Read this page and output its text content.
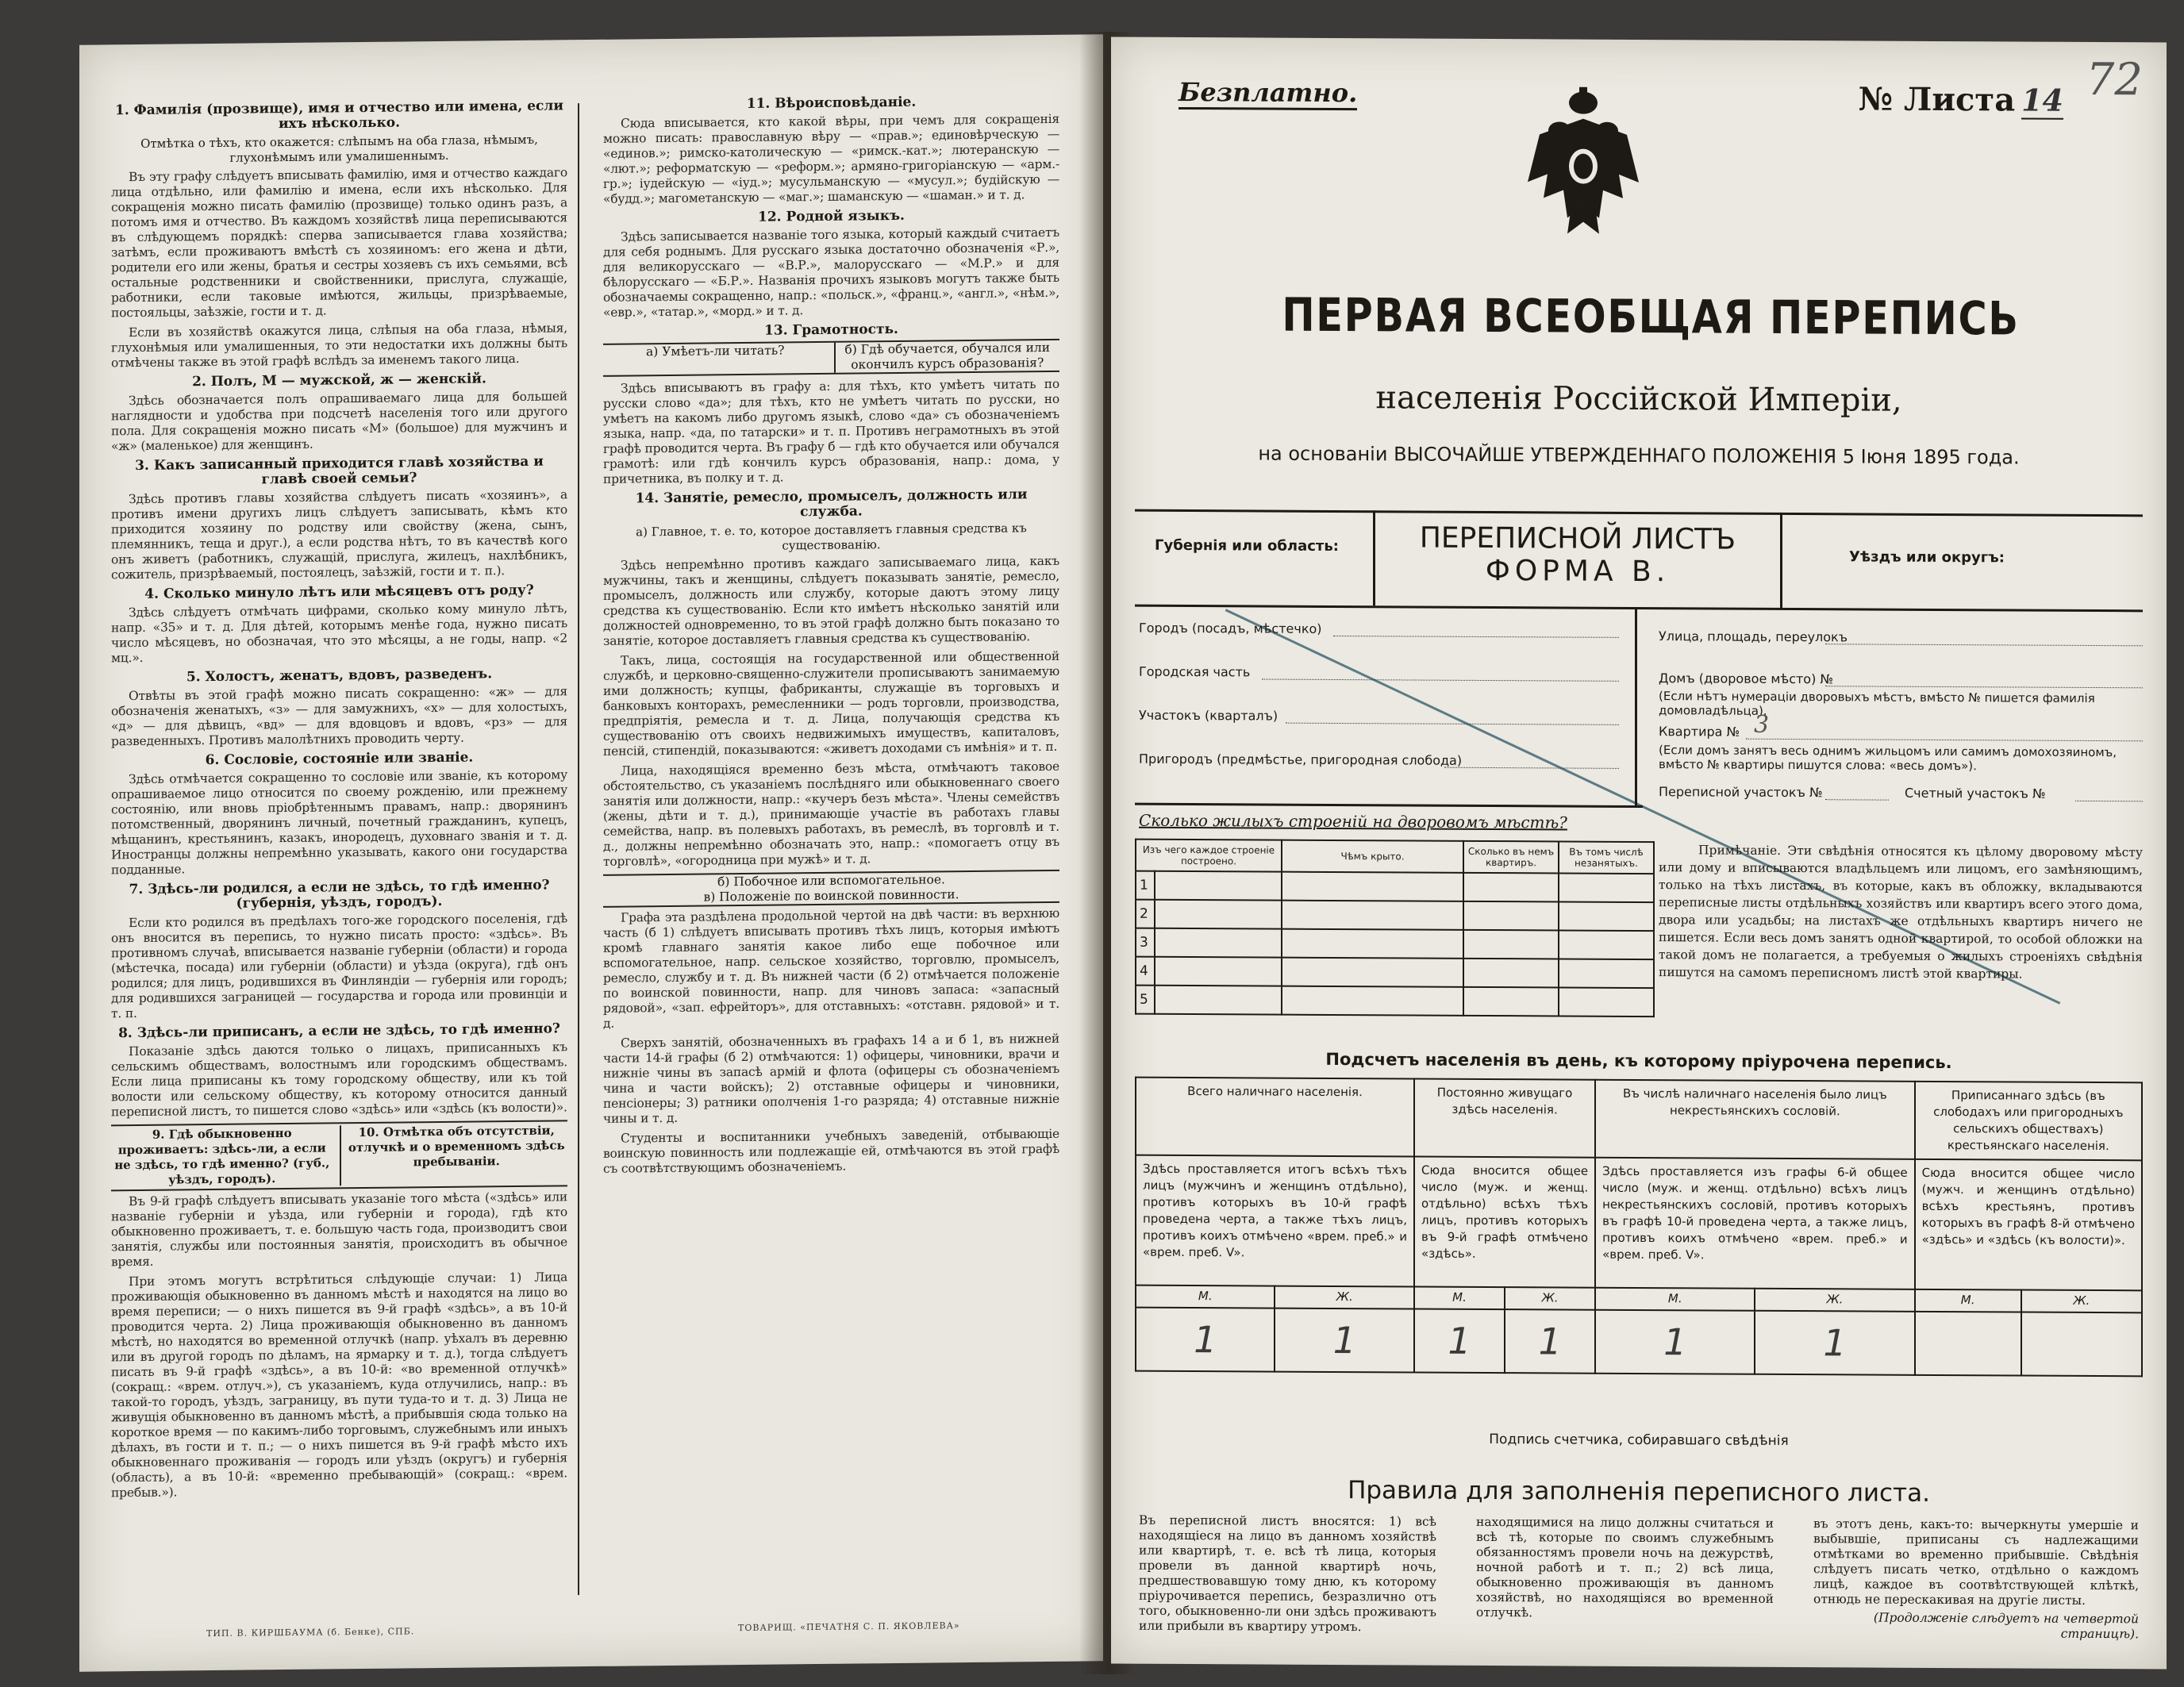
1. Фамилія (прозвище), имя и отчество или имена, если ихъ нѣсколько.
Отмѣтка о тѣхъ, кто окажется: слѣпымъ на оба глаза, нѣмымъ, глухонѣмымъ или умалишеннымъ.

Въ эту графу слѣдуетъ вписывать фамилію, имя и отчество каждаго лица отдѣльно, или фамилію и имена, если ихъ нѣсколько. Для сокращенія можно писать фамилію (прозвище) только одинъ разъ, а потомъ имя и отчество. Въ каждомъ хозяйствѣ лица переписываются въ слѣдующемъ порядкѣ: сперва записывается глава хозяйства; затѣмъ, если проживаютъ вмѣстѣ съ хозяиномъ: его жена и дѣти, родители его или жены, братья и сестры хозяевъ съ ихъ семьями, всѣ остальные родственники и свойственники, прислуга, служащіе, работники, если таковые имѣются, жильцы, призрѣваемые, постояльцы, заѣзжіе, гости и т. д.

Если въ хозяйствѣ окажутся лица, слѣпыя на оба глаза, нѣмыя, глухонѣмыя или умалишенныя, то эти недостатки ихъ должны быть отмѣчены также въ этой графѣ вслѣдъ за именемъ такого лица.

2. Полъ, М — мужской, ж — женскій.

Здѣсь обозначается полъ опрашиваемаго лица для большей наглядности и удобства при подсчетѣ населенія того или другого пола. Для сокращенія можно писать «М» (большое) для мужчинъ и «ж» (маленькое) для женщинъ.

3. Какъ записанный приходится главѣ хозяйства и главѣ своей семьи?

Здѣсь противъ главы хозяйства слѣдуетъ писать «хозяинъ», а противъ имени другихъ лицъ слѣдуетъ записывать, кѣмъ кто приходится хозяину по родству или свойству (жена, сынъ, племянникъ, теща и друг.), а если родства нѣтъ, то въ качествѣ кого онъ живетъ (работникъ, служащій, прислуга, жилецъ, нахлѣбникъ, сожитель, призрѣваемый, постоялецъ, заѣзжій, гости и т. п.).

4. Сколько минуло лѣтъ или мѣсяцевъ отъ роду?

Здѣсь слѣдуетъ отмѣчать цифрами, сколько кому минуло лѣтъ, напр. «35» и т. д. Для дѣтей, которымъ менѣе года, нужно писать число мѣсяцевъ, но обозначая, что это мѣсяцы, а не годы, напр. «2 мц.».

5. Холостъ, женатъ, вдовъ, разведенъ.

Отвѣты въ этой графѣ можно писать сокращенно: «ж» — для обозначенія женатыхъ, «з» — для замужнихъ, «х» — для холостыхъ, «д» — для дѣвицъ, «вд» — для вдовцовъ и вдовъ, «рз» — для разведенныхъ. Противъ малолѣтнихъ проводить черту.

6. Сословіе, состояніе или званіе.

Здѣсь отмѣчается сокращенно то сословіе или званіе, къ которому опрашиваемое лицо относится по своему рожденію, или прежнему состоянію, или вновь пріобрѣтеннымъ правамъ, напр.: дворянинъ потомственный, дворянинъ личный, почетный гражданинъ, купецъ, мѣщанинъ, крестьянинъ, казакъ, инородецъ, духовнаго званія и т. д. Иностранцы должны непремѣнно указывать, какого они государства подданные.

7. Здѣсь-ли родился, а если не здѣсь, то гдѣ именно? (губернія, уѣздъ, городъ).

Если кто родился въ предѣлахъ того-же городского поселенія, гдѣ онъ вносится въ перепись, то нужно писать просто: «здѣсь». Въ противномъ случаѣ, вписывается названіе губерніи (области) и города (мѣстечка, посада) или губерніи (области) и уѣзда (округа), гдѣ онъ родился; для лицъ, родившихся въ Финляндіи — губернія или городъ; для родившихся заграницей — государства и города или провинціи и т. п.

8. Здѣсь-ли приписанъ, а если не здѣсь, то гдѣ именно?

Показаніе здѣсь даются только о лицахъ, приписанныхъ къ сельскимъ обществамъ, волостнымъ или городскимъ обществамъ. Если лица приписаны къ тому городскому обществу, или къ той волости или сельскому обществу, къ которому относится данный переписной листъ, то пишется слово «здѣсь» или «здѣсь (къ волости)».

9. Гдѣ обыкновенно проживаетъ: здѣсь-ли, а если не здѣсь, то гдѣ именно? (губ., уѣздъ, городъ).
10. Отмѣтка объ отсутствіи, отлучкѣ и о временномъ здѣсь пребываніи.

Въ 9-й графѣ слѣдуетъ вписывать указаніе того мѣста («здѣсь» или названіе губерніи и уѣзда, или губерніи и города), гдѣ кто обыкновенно проживаетъ, т. е. большую часть года, производитъ свои занятія, службы или постоянныя занятія, происходитъ въ обычное время.

При этомъ могутъ встрѣтиться слѣдующіе случаи: 1) Лица проживающія обыкновенно въ данномъ мѣстѣ и находятся на лицо во время переписи; — о нихъ пишется въ 9-й графѣ «здѣсь», а въ 10-й проводится черта. 2) Лица проживающія обыкновенно въ данномъ мѣстѣ, но находятся во временной отлучкѣ (напр. уѣхалъ въ деревню или въ другой городъ по дѣламъ, на ярмарку и т. д.), тогда слѣдуетъ писать въ 9-й графѣ «здѣсь», а въ 10-й: «во временной отлучкѣ» (сокращ.: «врем. отлуч.»), съ указаніемъ, куда отлучились, напр.: въ такой-то городъ, уѣздъ, заграницу, въ пути туда-то и т. д. 3) Лица не живущія обыкновенно въ данномъ мѣстѣ, а прибывшія сюда только на короткое время — по какимъ-либо торговымъ, служебнымъ или иныхъ дѣлахъ, въ гости и т. п.; — о нихъ пишется въ 9-й графѣ мѣсто ихъ обыкновеннаго проживанія — городъ или уѣздъ (округъ) и губернія (область), а въ 10-й: «временно пребывающій» (сокращ.: «врем. пребыв.»).

11. Вѣроисповѣданіе.

Сюда вписывается, кто какой вѣры, при чемъ для сокращенія можно писать: православную вѣру — «прав.»; единовѣрческую — «единов.»; римско-католическую — «римск.-кат.»; лютеранскую — «лют.»; реформатскую — «реформ.»; армяно-григоріанскую — «арм.-гр.»; іудейскую — «іуд.»; мусульманскую — «мусул.»; будійскую — «будд.»; магометанскую — «маг.»; шаманскую — «шаман.» и т. д.

12. Родной языкъ.

Здѣсь записывается названіе того языка, который каждый считаетъ для себя роднымъ. Для русскаго языка достаточно обозначенія «Р.», для великорусскаго — «В.Р.», малорусскаго — «М.Р.» и для бѣлорусскаго — «Б.Р.». Названія прочихъ языковъ могутъ также быть обозначаемы сокращенно, напр.: «польск.», «франц.», «англ.», «нѣм.», «евр.», «татар.», «морд.» и т. д.

13. Грамотность.
а) Умѣетъ-ли читать?	б) Гдѣ обучается, обучался или окончилъ курсъ образованія?

Здѣсь вписываютъ въ графу а: для тѣхъ, кто умѣетъ читать по русски слово «да»; для тѣхъ, кто не умѣетъ читать по русски, но умѣетъ на какомъ либо другомъ языкѣ, слово «да» съ обозначеніемъ языка, напр. «да, по татарски» и т. п. Противъ неграмотныхъ въ этой графѣ проводится черта. Въ графу б — гдѣ кто обучается или обучался грамотѣ: или гдѣ кончилъ курсъ образованія, напр.: дома, у причетника, въ полку и т. д.

14. Занятіе, ремесло, промыселъ, должность или служба.
а) Главное, т. е. то, которое доставляетъ главныя средства къ существованію.

Здѣсь непремѣнно противъ каждаго записываемаго лица, какъ мужчины, такъ и женщины, слѣдуетъ показывать занятіе, ремесло, промыселъ, должность или службу, которые даютъ этому лицу средства къ существованію. Если кто имѣетъ нѣсколько занятій или должностей одновременно, то въ этой графѣ должно быть показано то занятіе, которое доставляетъ главныя средства къ существованію.

Такъ, лица, состоящія на государственной или общественной службѣ, и церковно-священно-служители прописываютъ занимаемую ими должность; купцы, фабриканты, служащіе въ торговыхъ и банковыхъ конторахъ, ремесленники — родъ торговли, производства, предпріятія, ремесла и т. д. Лица, получающія средства къ существованію отъ своихъ недвижимыхъ имуществъ, капиталовъ, пенсій, стипендій, показываются: «живетъ доходами съ имѣнія» и т. п.

Лица, находящіяся временно безъ мѣста, отмѣчаютъ таковое обстоятельство, съ указаніемъ послѣдняго или обыкновеннаго своего занятія или должности, напр.: «кучеръ безъ мѣста». Члены семействъ (жены, дѣти и т. д.), принимающіе участіе въ работахъ главы семейства, напр. въ полевыхъ работахъ, въ ремеслѣ, въ торговлѣ и т. д., должны непремѣнно обозначать это, напр.: «помогаетъ отцу въ торговлѣ», «огородница при мужѣ» и т. д.

б) Побочное или вспомогательное.
в) Положеніе по воинской повинности.

Графа эта раздѣлена продольной чертой на двѣ части: въ верхнюю часть (б 1) слѣдуетъ вписывать противъ тѣхъ лицъ, которыя имѣютъ кромѣ главнаго занятія какое либо еще побочное или вспомогательное, напр. сельское хозяйство, торговлю, промыселъ, ремесло, службу и т. д. Въ нижней части (б 2) отмѣчается положеніе по воинской повинности, напр. для чиновъ запаса: «запасный рядовой», «зап. ефрейторъ», для отставныхъ: «отставн. рядовой» и т. д.

Сверхъ занятій, обозначенныхъ въ графахъ 14 а и б 1, въ нижней части 14-й графы (б 2) отмѣчаются: 1) офицеры, чиновники, врачи и нижніе чины въ запасѣ армій и флота (офицеры съ обозначеніемъ чина и части войскъ); 2) отставные офицеры и чиновники, пенсіонеры; 3) ратники ополченія 1-го разряда; 4) отставные нижніе чины и т. д.

Студенты и воспитанники учебныхъ заведеній, отбывающіе воинскую повинность или подлежащіе ей, отмѣчаются въ этой графѣ съ соотвѣтствующимъ обозначеніемъ.

ТИП. В. КИРШБАУМА (б. Бенке), СПБ.	ТОВАРИЩ. «ПЕЧАТНЯ С. П. ЯКОВЛЕВА»
Безплатно.	№ Листа 14 72
ПЕРВАЯ ВСЕОБЩАЯ ПЕРЕПИСЬ
населенія Россійской Имперіи,
на основаніи ВЫСОЧАЙШЕ УТВЕРЖДЕННАГО ПОЛОЖЕНІЯ 5 Іюня 1895 года.
Губернія или область:	ПЕРЕПИСНОЙ ЛИСТЪ
ФОРМА В.	Уѣздъ или округъ:
Городъ (посадъ, мѣстечко)
Городская часть
Участокъ (кварталъ)
Пригородъ (предмѣстье, пригородная слобода)
Улица, площадь, переулокъ
Домъ (дворовое мѣсто) №
(Если нѣтъ нумераціи дворовыхъ мѣстъ, вмѣсто № пишется фамилія домовладѣльца).
Квартира № 3
(Если домъ занятъ весь однимъ жильцомъ или самимъ домохозяиномъ, вмѣсто № квартиры пишутся слова: «весь домъ»).
Переписной участокъ №	Счетный участокъ №
Сколько жилыхъ строеній на дворовомъ мѣстѣ?
Изъ чего каждое строеніе построено.		Чѣмъ крыто.	Сколько въ немъ квартиръ.	Въ томъ числѣ незанятыхъ.
1				
2				
3				
4				
5				
Примѣчаніе. Эти свѣдѣнія относятся къ цѣлому дворовому мѣсту или дому и вписываются владѣльцемъ или лицомъ, его замѣняющимъ, только на тѣхъ листахъ, въ которые, какъ въ обложку, вкладываются переписные листы отдѣльныхъ хозяйствъ или квартиръ всего этого дома, двора или усадьбы; на листахъ же отдѣльныхъ квартиръ ничего не пишется. Если весь домъ занятъ одной квартирой, то особой обложки на такой домъ не полагается, а требуемыя о жилыхъ строеніяхъ свѣдѣнія пишутся на самомъ переписномъ листѣ этой квартиры.
Подсчетъ населенія въ день, къ которому пріурочена перепись.
Всего наличнаго населенія.		Постоянно живущаго здѣсь населенія.		Въ числѣ наличнаго населенія было лицъ некрестьянскихъ сословій.		Приписаннаго здѣсь (въ слободахъ или пригородныхъ сельскихъ обществахъ) крестьянскаго населенія.	
Здѣсь проставляется итогъ всѣхъ тѣхъ лицъ (мужчинъ и женщинъ отдѣльно), противъ которыхъ въ 10-й графѣ проведена черта, а также тѣхъ лицъ, противъ коихъ отмѣчено «врем. преб.» и «врем. преб. V».		Сюда вносится общее число (муж. и женщ. отдѣльно) всѣхъ тѣхъ лицъ, противъ которыхъ въ 9-й графѣ отмѣчено «здѣсь».		Здѣсь проставляется изъ графы 6-й общее число (муж. и женщ. отдѣльно) всѣхъ лицъ некрестьянскихъ сословій, противъ которыхъ въ графѣ 10-й проведена черта, а также лицъ, противъ коихъ отмѣчено «врем. преб.» и «врем. преб. V».		Сюда вносится общее число (мужч. и женщинъ отдѣльно) всѣхъ крестьянъ, противъ которыхъ въ графѣ 8-й отмѣчено «здѣсь» и «здѣсь (къ волости)».	
М.	Ж.	М.	Ж.	М.	Ж.	М.	Ж.
1	1	1	1	1	1		
Подпись счетчика, собиравшаго свѣдѣнія
Правила для заполненія переписного листа.
Въ переписной листъ вносятся: 1) всѣ находящіеся на лицо въ данномъ хозяйствѣ или квартирѣ, т. е. всѣ тѣ лица, которыя провели въ данной квартирѣ ночь, предшествовавшую тому дню, къ которому пріурочивается перепись, безразлично отъ того, обыкновенно-ли они здѣсь проживаютъ или прибыли въ квартиру утромъ.
находящимися на лицо должны считаться и всѣ тѣ, которые по своимъ служебнымъ обязанностямъ провели ночь на дежурствѣ, ночной работѣ и т. п.; 2) всѣ лица, обыкновенно проживающія въ данномъ хозяйствѣ, но находящіяся во временной отлучкѣ.
въ этотъ день, какъ-то: вычеркнуты умершіе и выбывшіе, приписаны съ надлежащими отмѣтками во временно прибывшіе. Свѣдѣнія слѣдуетъ писать четко, отдѣльно о каждомъ лицѣ, каждое въ соотвѣтствующей клѣткѣ, отнюдь не перескакивая на другіе листы.
(Продолженіе слѣдуетъ на четвертой страницѣ).
